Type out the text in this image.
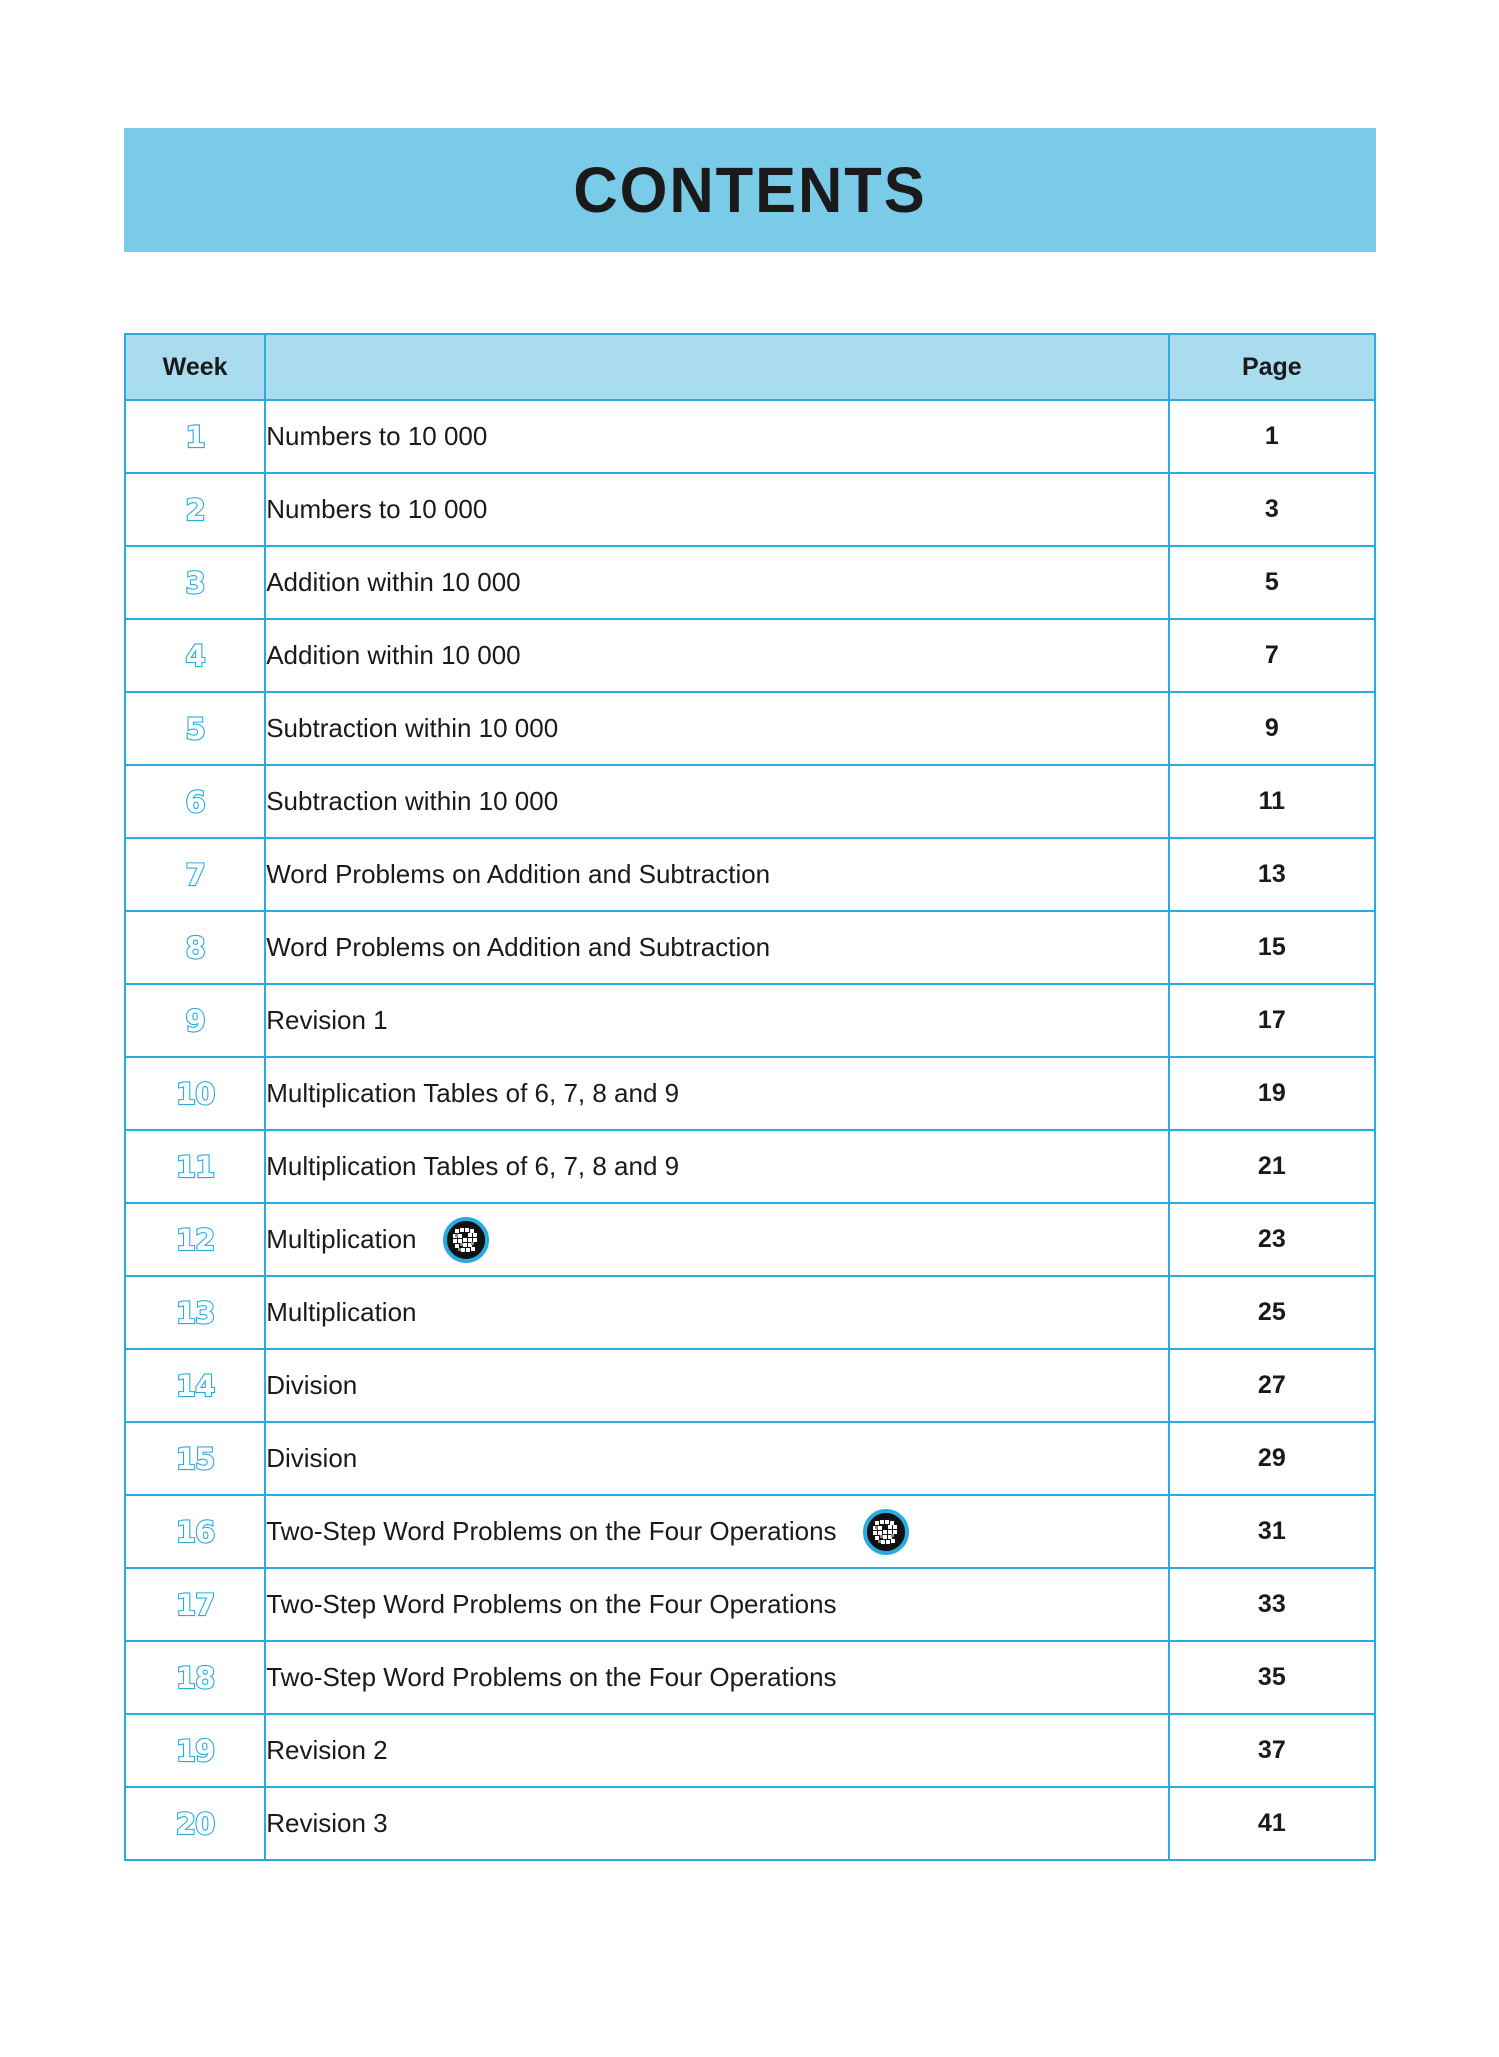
CONTENTS
Week		Page
1	Numbers to 10 000	1
2	Numbers to 10 000	3
3	Addition within 10 000	5
4	Addition within 10 000	7
5	Subtraction within 10 000	9
6	Subtraction within 10 000	11
7	Word Problems on Addition and Subtraction	13
8	Word Problems on Addition and Subtraction	15
9	Revision 1	17
10	Multiplication Tables of 6, 7, 8 and 9	19
11	Multiplication Tables of 6, 7, 8 and 9	21
12	Multiplication	23
13	Multiplication	25
14	Division	27
15	Division	29
16	Two-Step Word Problems on the Four Operations	31
17	Two-Step Word Problems on the Four Operations	33
18	Two-Step Word Problems on the Four Operations	35
19	Revision 2	37
20	Revision 3	41
